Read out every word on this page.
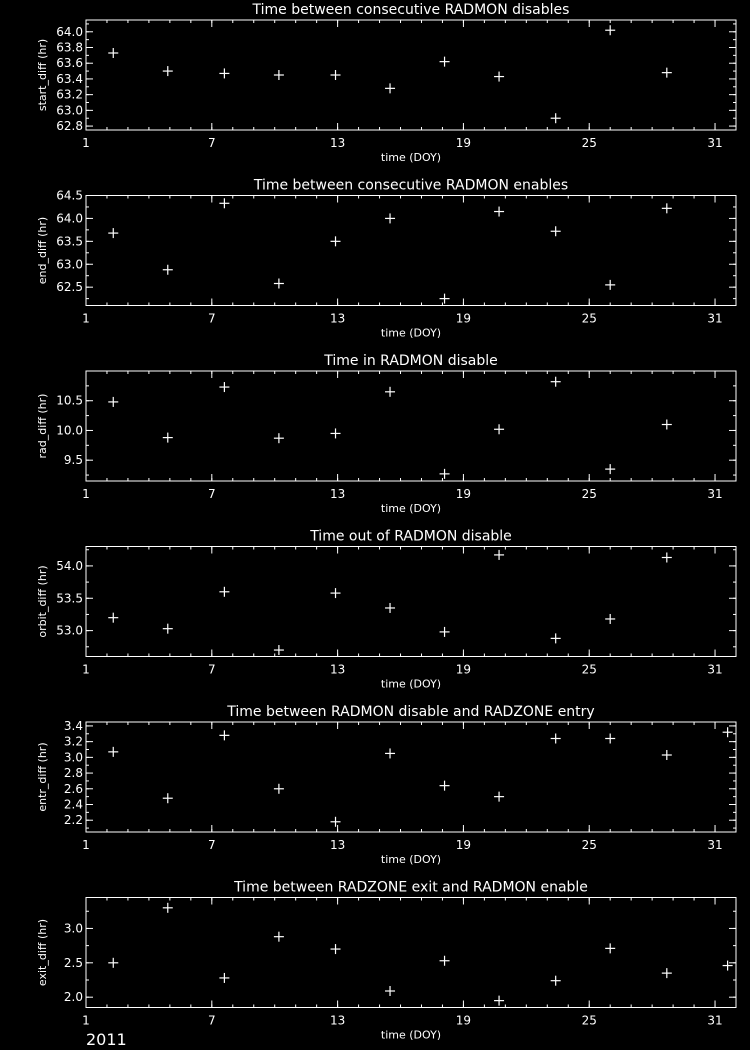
Time between consecutive RADMON disables
1	7	13	19	25	31
62.8
63.0
63.2
63.4
63.6
63.8
64.0
time (DOY)
start_diff (hr)
Time between consecutive RADMON enables
1	7	13	19	25	31
62.5
63.0
63.5
64.0
64.5
time (DOY)
end_diff (hr)
Time in RADMON disable
1	7	13	19	25	31
9.5
10.0
10.5
time (DOY)
rad_diff (hr)
Time out of RADMON disable
1	7	13	19	25	31
53.0
53.5
54.0
time (DOY)
orbit_diff (hr)
Time between RADMON disable and RADZONE entry
1	7	13	19	25	31
2.2
2.4
2.6
2.8
3.0
3.2
3.4
time (DOY)
entr_diff (hr)
Time between RADZONE exit and RADMON enable
1	7	13	19	25	31
2.0
2.5
3.0
time (DOY)
exit_diff (hr)
2011
